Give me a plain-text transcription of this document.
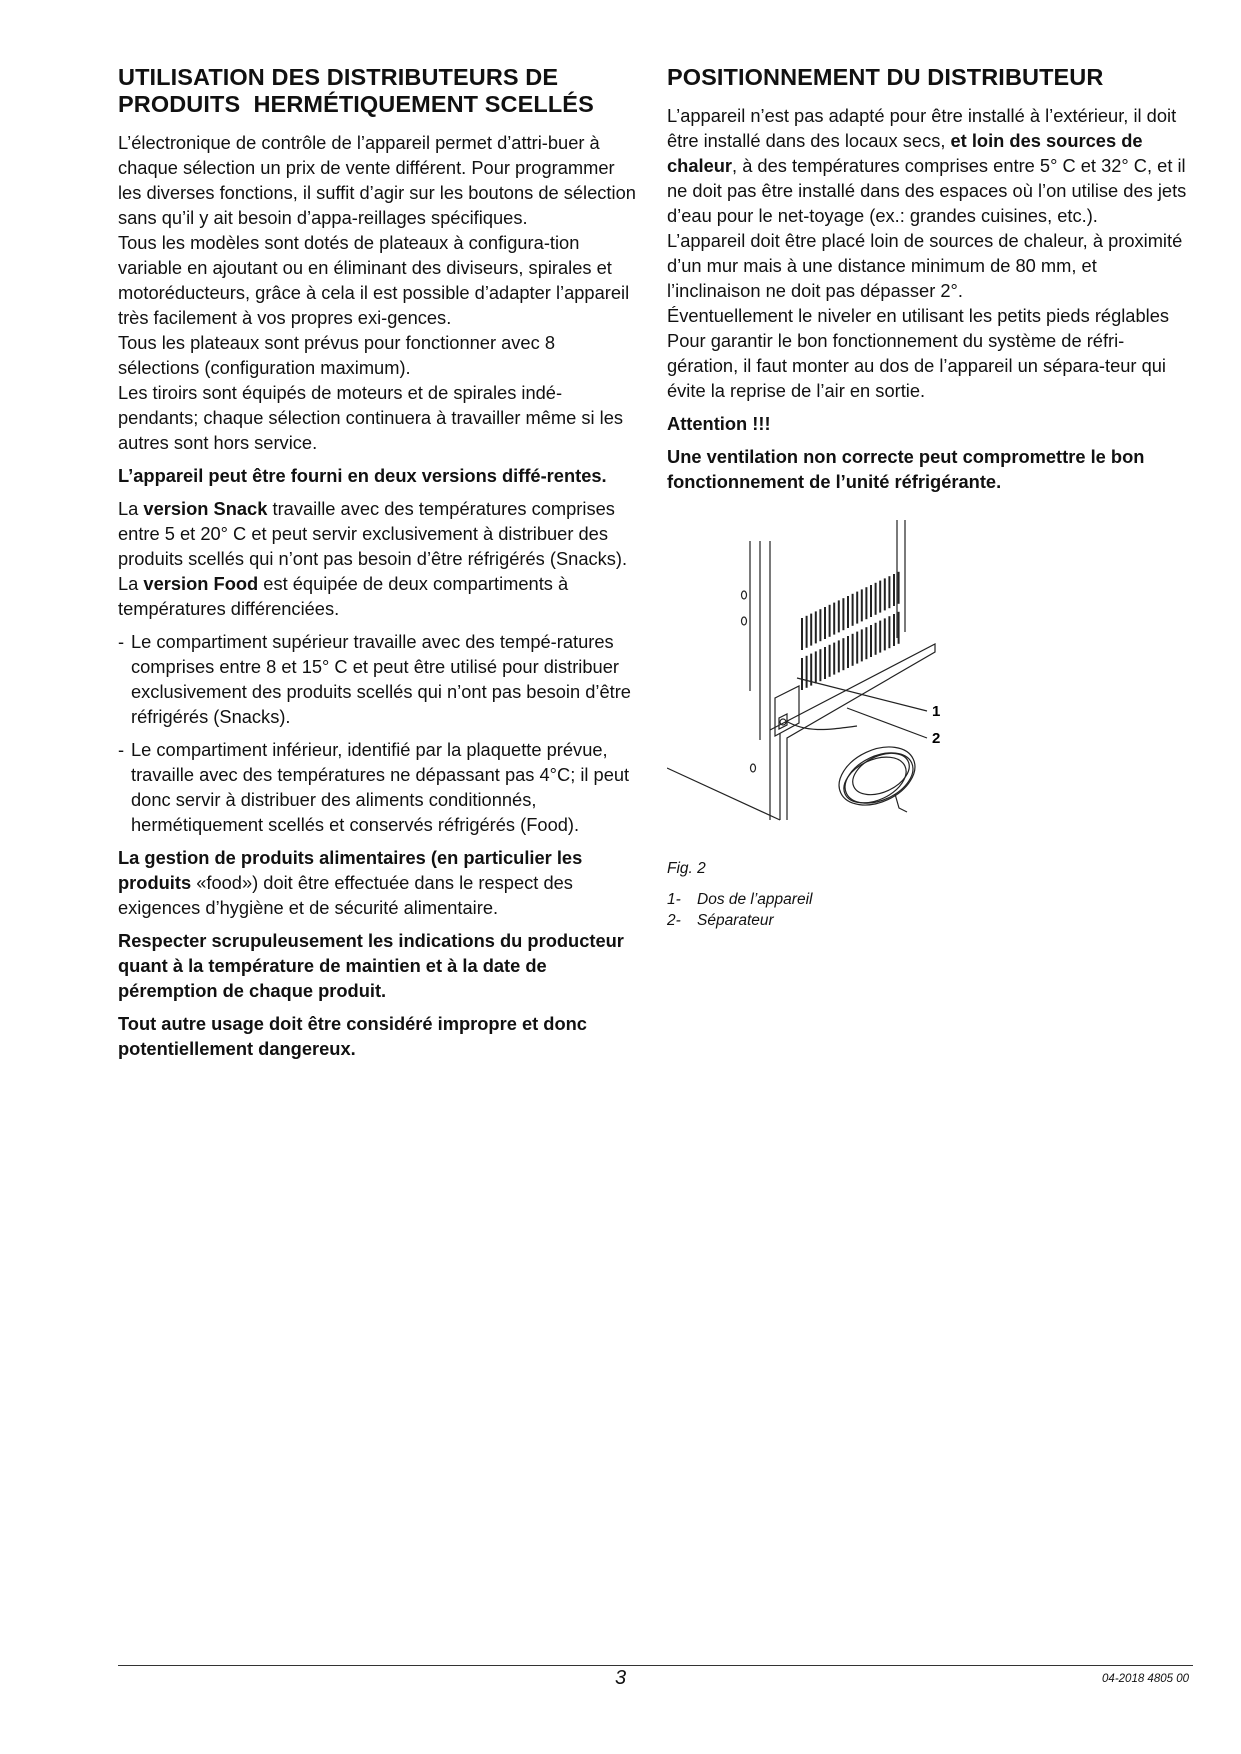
UTILISATION DES DISTRIBUTEURS DE
PRODUITS  HERMÉTIQUEMENT SCELLÉS

L’électronique de contrôle de l’appareil permet d’attri-buer à chaque sélection un prix de vente différent. Pour programmer les diverses fonctions, il suffit d’agir sur les boutons de sélection sans qu’il y ait besoin d’appa-reillages spécifiques.

Tous les modèles sont dotés de plateaux à configura-tion variable en ajoutant ou en éliminant des diviseurs, spirales et motoréducteurs, grâce à cela il est possible d’adapter l’appareil très facilement à vos propres exi-gences.

Tous les plateaux sont prévus pour fonctionner avec 8 sélections (configuration maximum).

Les tiroirs sont équipés de moteurs et de spirales indé-pendants; chaque sélection continuera à travailler même si les autres sont hors service.

L’appareil peut être fourni en deux versions diffé-rentes.

La version Snack travaille avec des températures comprises entre 5 et 20° C et peut servir exclusivement à distribuer des produits scellés qui n’ont pas besoin d’être réfrigérés (Snacks).

La version Food est équipée de deux compartiments à températures différenciées.

- Le compartiment supérieur travaille avec des tempé-ratures comprises entre 8 et 15° C et peut être utilisé pour distribuer exclusivement des produits scellés qui n’ont pas besoin d’être réfrigérés (Snacks).

- Le compartiment inférieur, identifié par la plaquette prévue, travaille avec des températures ne dépassant pas 4°C; il peut donc servir à distribuer des aliments conditionnés, hermétiquement scellés et conservés réfrigérés (Food).

La gestion de produits alimentaires (en particulier les produits «food») doit être effectuée dans le respect des exigences d’hygiène et de sécurité alimentaire.

Respecter scrupuleusement les indications du producteur quant à la température de maintien et à la date de péremption de chaque produit.

Tout autre usage doit être considéré impropre et donc potentiellement dangereux.

POSITIONNEMENT DU DISTRIBUTEUR

L’appareil n’est pas adapté pour être installé à l’extérieur, il doit être installé dans des locaux secs, et loin des sources de chaleur, à des températures comprises entre 5° C et 32° C, et il ne doit pas être installé dans des espaces où l’on utilise des jets d’eau pour le net-toyage (ex.: grandes cuisines, etc.).

L’appareil doit être placé loin de sources de chaleur, à proximité d’un mur mais à une distance minimum de 80 mm, et l’inclinaison ne doit pas dépasser 2°.

Éventuellement le niveler en utilisant les petits pieds réglables

Pour garantir le bon fonctionnement du système de réfri-gération, il faut monter au dos de l’appareil un sépara-teur qui évite la reprise de l’air en sortie.

Attention !!!

Une ventilation non correcte peut compromettre le bon fonctionnement de l’unité réfrigérante.

1
2

Fig. 2

1-	Dos de l’appareil
2-	Séparateur
3	04-2018 4805 00
